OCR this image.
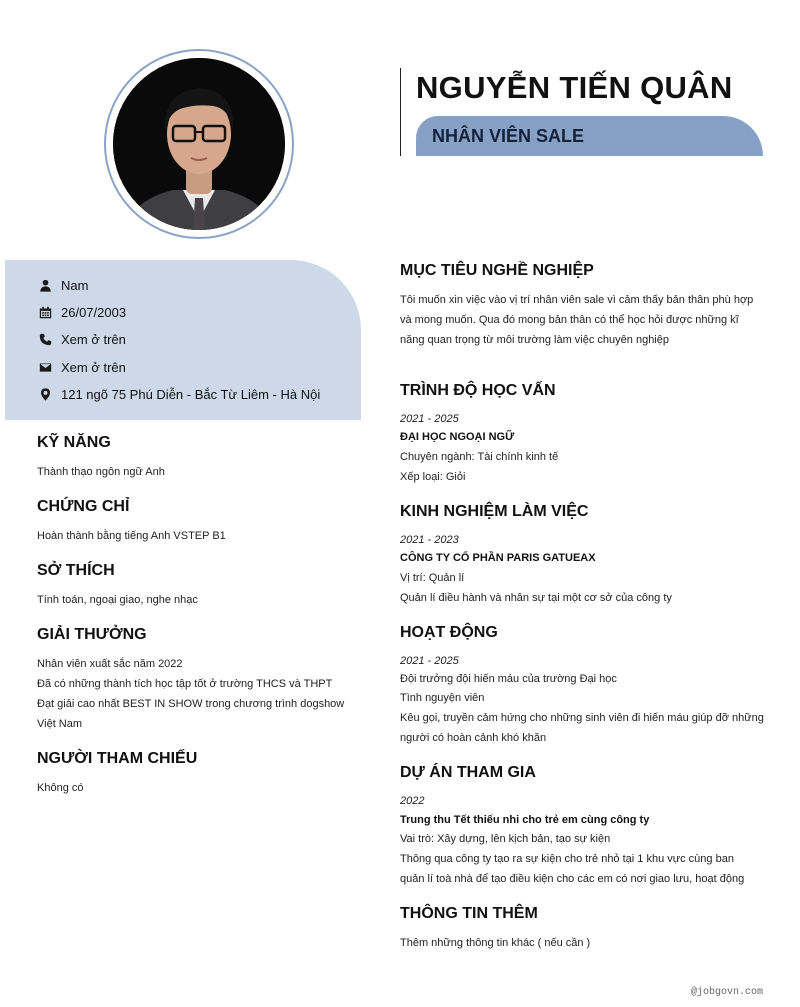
NGUYỄN TIẾN QUÂN
NHÂN VIÊN SALE
Nam
26/07/2003
Xem ở trên
Xem ở trên
121 ngõ 75 Phú Diễn - Bắc Từ Liêm - Hà Nội
KỸ NĂNG
Thành thạo ngôn ngữ Anh
CHỨNG CHỈ
Hoàn thành bằng tiếng Anh VSTEP B1
SỞ THÍCH
Tính toán, ngoại giao, nghe nhạc
GIẢI THƯỞNG
Nhân viên xuất sắc năm 2022
Đã có những thành tích học tập tốt ở trường THCS và THPT
Đạt giải cao nhất BEST IN SHOW trong chương trình dogshow
Việt Nam
NGƯỜI THAM CHIẾU
Không có
MỤC TIÊU NGHỀ NGHIỆP
Tôi muốn xin việc vào vị trí nhân viên sale vì cảm thấy bản thân phù hợp
và mong muốn. Qua đó mong bản thân có thể học hỏi được những kĩ
năng quan trọng từ môi trường làm việc chuyên nghiệp
TRÌNH ĐỘ HỌC VẤN
2021 - 2025
ĐẠI HỌC NGOẠI NGỮ
Chuyên ngành: Tài chính kinh tế
Xếp loại: Giỏi
KINH NGHIỆM LÀM VIỆC
2021 - 2023
CÔNG TY CỔ PHẦN PARIS GATUEAX
Vị trí: Quản lí
Quản lí điều hành và nhân sự tại một cơ sở của công ty
HOẠT ĐỘNG
2021 - 2025
Đội trưởng đội hiến máu của trường Đại học
Tình nguyện viên
Kêu gọi, truyền cảm hứng cho những sinh viên đi hiến máu giúp đỡ những
người có hoàn cảnh khó khăn
DỰ ÁN THAM GIA
2022
Trung thu Tết thiếu nhi cho trẻ em cùng công ty
Vai trò: Xây dựng, lên kịch bản, tạo sự kiện
Thông qua công ty tạo ra sự kiện cho trẻ nhỏ tại 1 khu vực cùng ban
quản lí toà nhà để tạo điều kiện cho các em có nơi giao lưu, hoạt động
THÔNG TIN THÊM
Thêm những thông tin khác ( nếu cần )
@jobgovn.com
